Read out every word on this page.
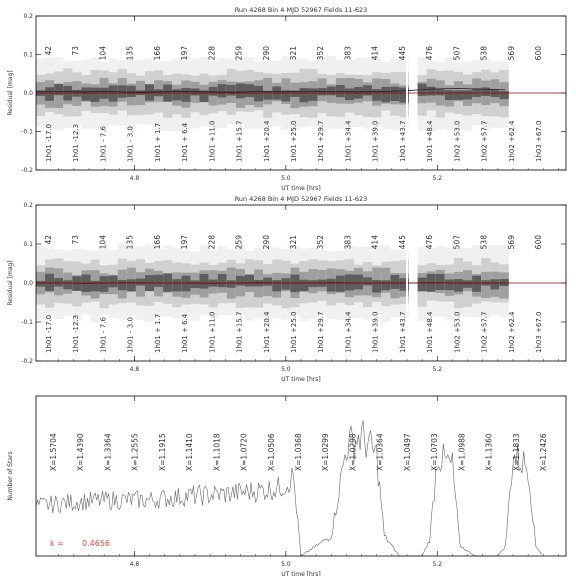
Run 4268 Bin 4 MJD 52967 Fields 11-623
-0.2
-0.1
0.0
0.1
0.2
42
1h01 -17.0
73
1h01 -12.3
104
1h01 - 7.6
135
1h01 - 3.0
166
1h01 + 1.7
197
1h01 + 6.4
228
1h01 +11.0
259
1h01 +15.7
290
1h01 +20.4
321
1h01 +25.0
352
1h01 +29.7
383
1h01 +34.4
414
1h01 +39.0
445
1h01 +43.7
476
1h01 +48.4
507
1h02 +53.0
538
1h02 +57.7
569
1h02 +62.4
600
1h03 +67.0
4.8	5.0	5.2
UT time [hrs]
Residual [mag]
Run 4268 Bin 4 MJD 52967 Fields 11-623
-0.2
-0.1
0.0
0.1
0.2
42
1h01 -17.0
73
1h01 -12.3
104
1h01 - 7.6
135
1h01 - 3.0
166
1h01 + 1.7
197
1h01 + 6.4
228
1h01 +11.0
259
1h01 +15.7
290
1h01 +20.4
321
1h01 +25.0
352
1h01 +29.7
383
1h01 +34.4
414
1h01 +39.0
445
1h01 +43.7
476
1h01 +48.4
507
1h02 +53.0
538
1h02 +57.7
569
1h02 +62.4
600
1h03 +67.0
4.8	5.0	5.2
UT time [hrs]
Residual [mag]
X=1.5704 X=1.4390 X=1.3364 X=1.2555 X=1.1915 X=1.1410 X=1.1018 X=1.0720 X=1.0506 X=1.0368 X=1.0299 X=1.0298 X=1.0364 X=1.0497 X=1.0703 X=1.0988 X=1.1360 X=1.1833 X=1.2426
k = 0.4656
4.8	5.0	5.2
UT time [hrs]
Number of Stars
